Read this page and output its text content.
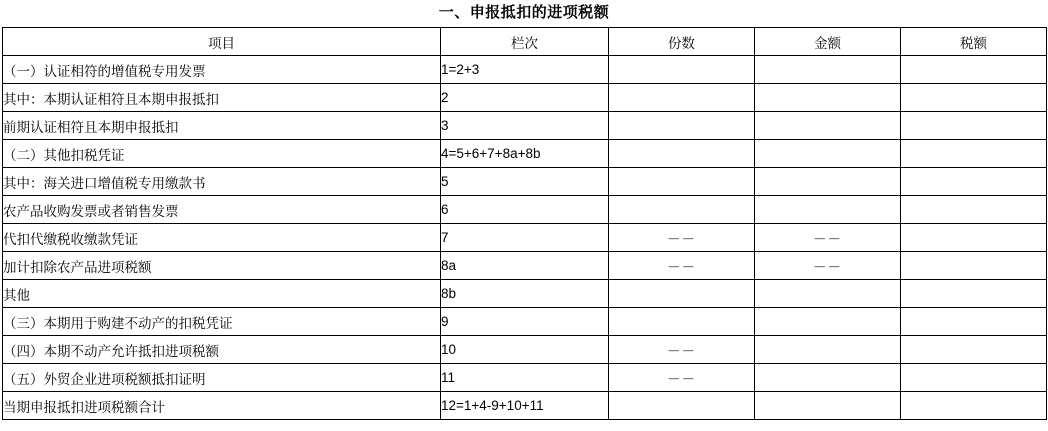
一、申报抵扣的进项税额
项目	栏次	份数	金额	税额
（一）认证相符的增值税专用发票	1=2+3			
其中：本期认证相符且本期申报抵扣	2			
前期认证相符且本期申报抵扣	3			
（二）其他扣税凭证	4=5+6+7+8a+8b			
其中：海关进口增值税专用缴款书	5			
农产品收购发票或者销售发票	6			
代扣代缴税收缴款凭证	7	－－	－－	
加计扣除农产品进项税额	8a	－－	－－	
其他	8b			
（三）本期用于购建不动产的扣税凭证	9			
（四）本期不动产允许抵扣进项税额	10	－－		
（五）外贸企业进项税额抵扣证明	11	－－		
当期申报抵扣进项税额合计	12=1+4-9+10+11			
